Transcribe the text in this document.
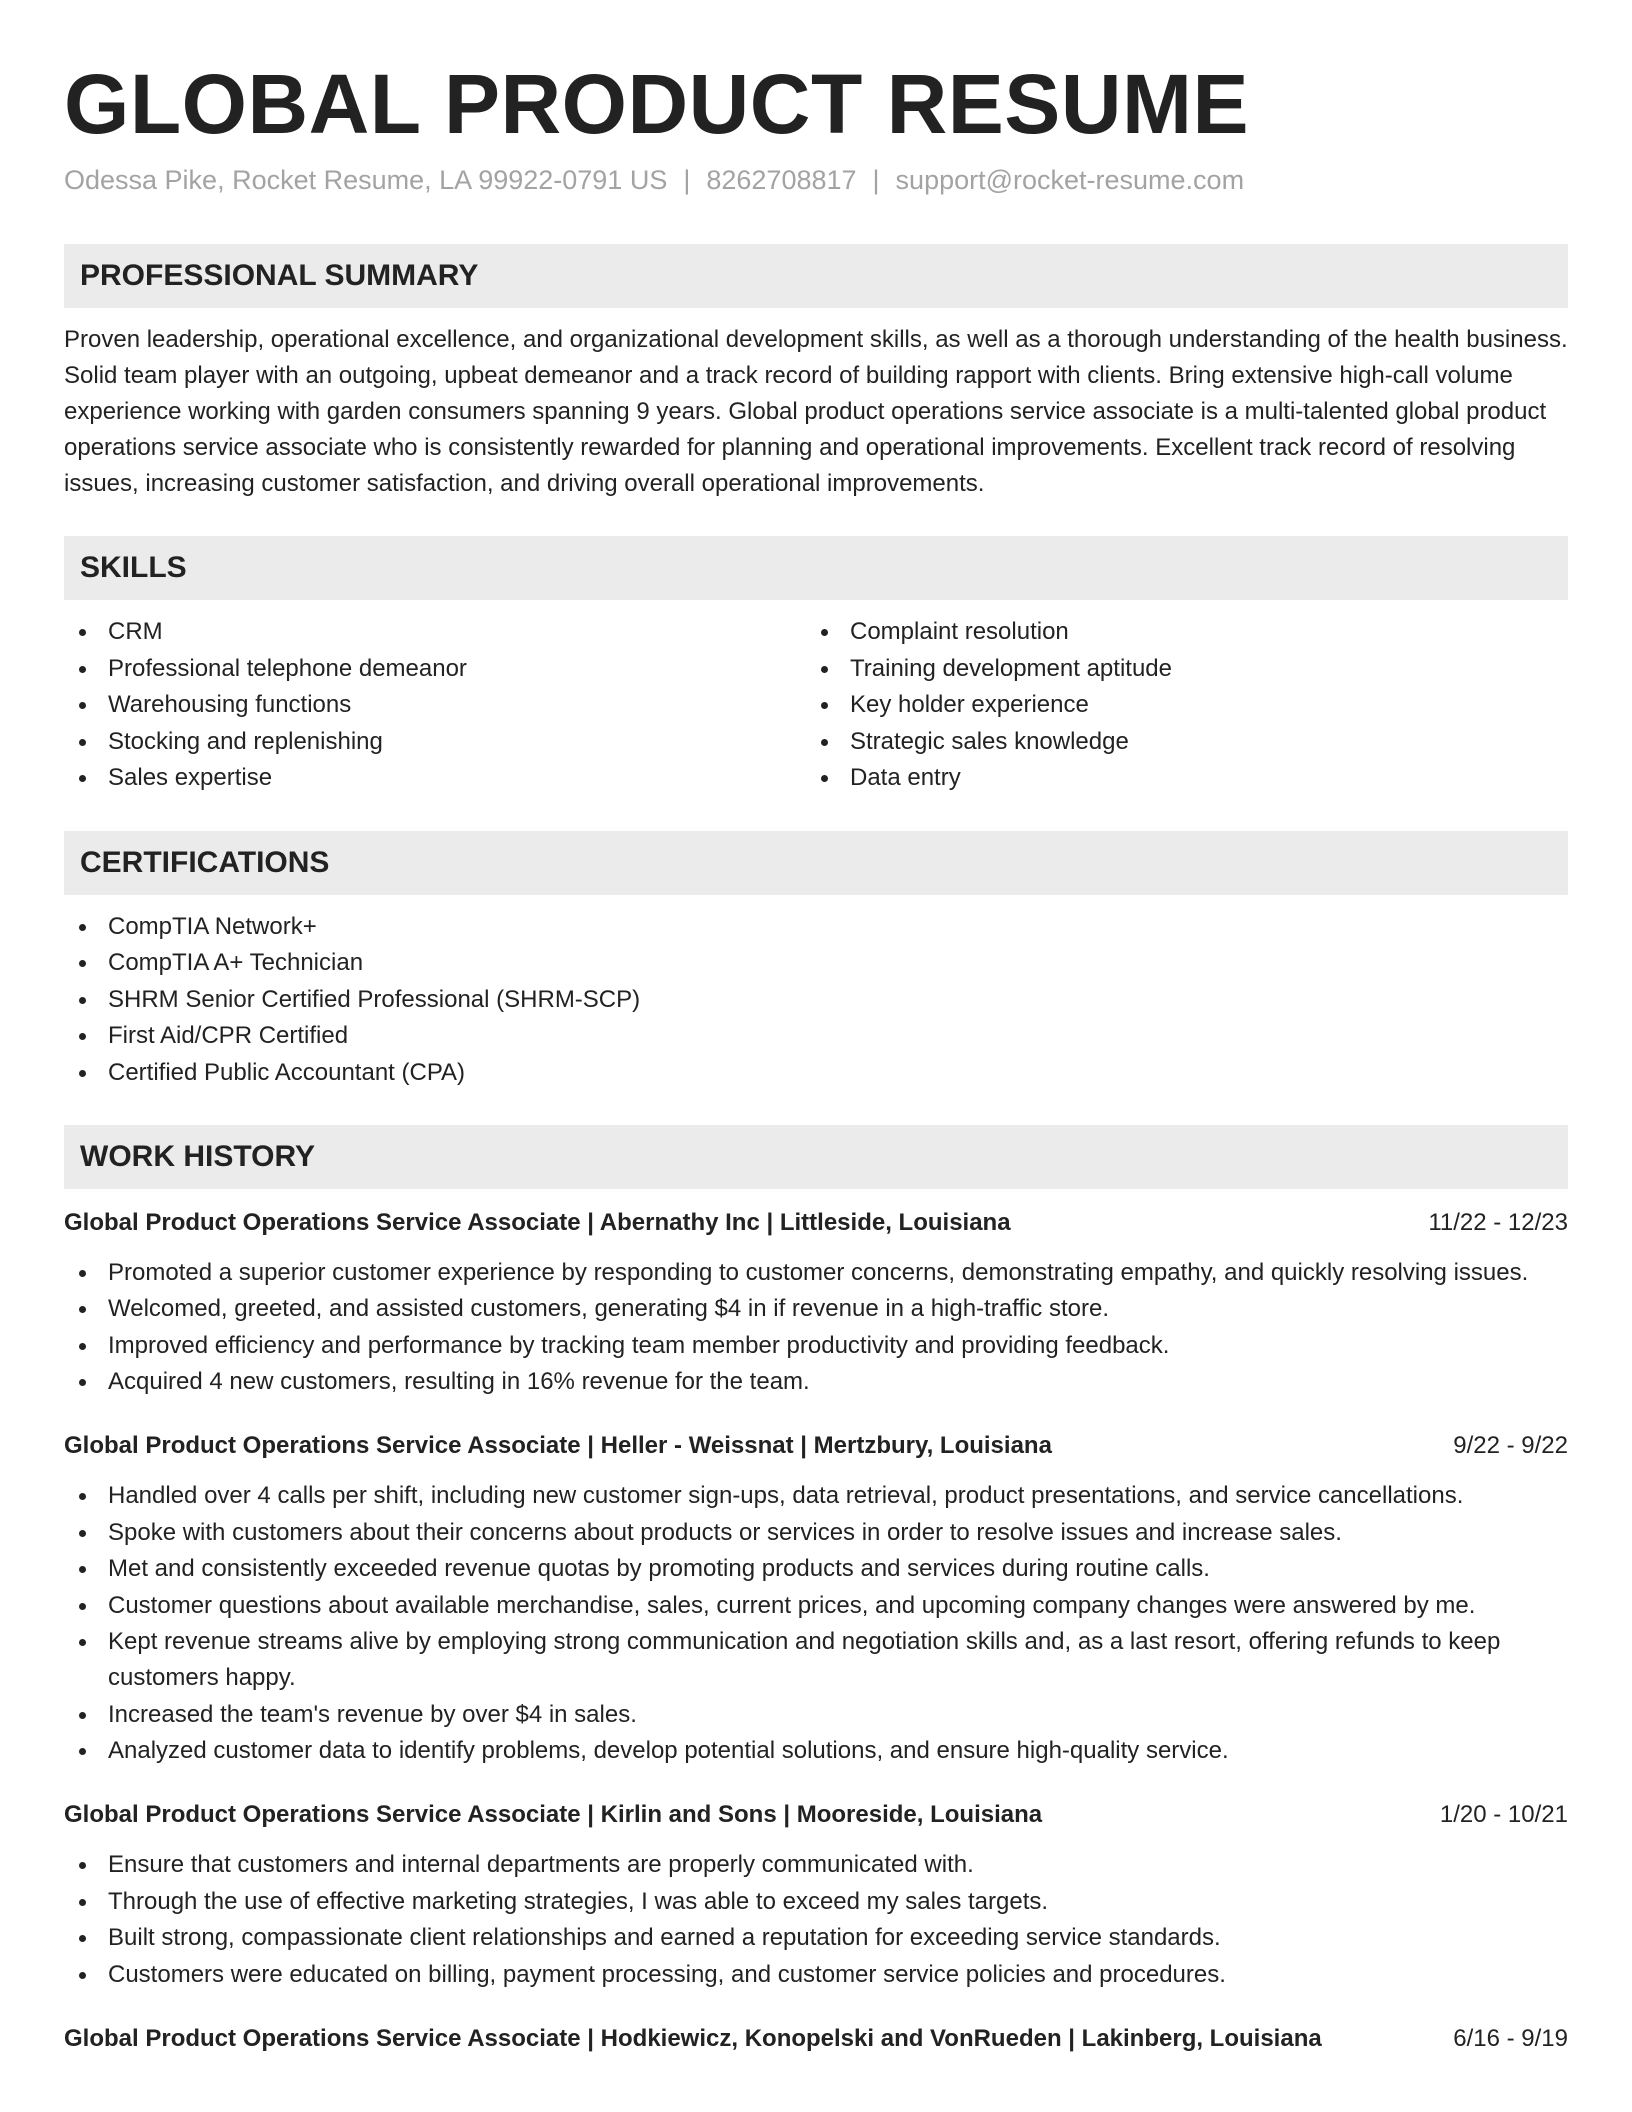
GLOBAL PRODUCT RESUME
Odessa Pike, Rocket Resume, LA 99922-0791 US | 8262708817 | support@rocket-resume.com
PROFESSIONAL SUMMARY
Proven leadership, operational excellence, and organizational development skills, as well as a thorough understanding of the health business. Solid team player with an outgoing, upbeat demeanor and a track record of building rapport with clients. Bring extensive high-call volume experience working with garden consumers spanning 9 years. Global product operations service associate is a multi-talented global product operations service associate who is consistently rewarded for planning and operational improvements. Excellent track record of resolving issues, increasing customer satisfaction, and driving overall operational improvements.
SKILLS
CRM
Professional telephone demeanor
Warehousing functions
Stocking and replenishing
Sales expertise
Complaint resolution
Training development aptitude
Key holder experience
Strategic sales knowledge
Data entry
CERTIFICATIONS
CompTIA Network+
CompTIA A+ Technician
SHRM Senior Certified Professional (SHRM-SCP)
First Aid/CPR Certified
Certified Public Accountant (CPA)
WORK HISTORY
Global Product Operations Service Associate | Abernathy Inc | Littleside, Louisiana	11/22 - 12/23
Promoted a superior customer experience by responding to customer concerns, demonstrating empathy, and quickly resolving issues.
Welcomed, greeted, and assisted customers, generating $4 in if revenue in a high-traffic store.
Improved efficiency and performance by tracking team member productivity and providing feedback.
Acquired 4 new customers, resulting in 16% revenue for the team.
Global Product Operations Service Associate | Heller - Weissnat | Mertzbury, Louisiana	9/22 - 9/22
Handled over 4 calls per shift, including new customer sign-ups, data retrieval, product presentations, and service cancellations.
Spoke with customers about their concerns about products or services in order to resolve issues and increase sales.
Met and consistently exceeded revenue quotas by promoting products and services during routine calls.
Customer questions about available merchandise, sales, current prices, and upcoming company changes were answered by me.
Kept revenue streams alive by employing strong communication and negotiation skills and, as a last resort, offering refunds to keep customers happy.
Increased the team's revenue by over $4 in sales.
Analyzed customer data to identify problems, develop potential solutions, and ensure high-quality service.
Global Product Operations Service Associate | Kirlin and Sons | Mooreside, Louisiana	1/20 - 10/21
Ensure that customers and internal departments are properly communicated with.
Through the use of effective marketing strategies, I was able to exceed my sales targets.
Built strong, compassionate client relationships and earned a reputation for exceeding service standards.
Customers were educated on billing, payment processing, and customer service policies and procedures.
Global Product Operations Service Associate | Hodkiewicz, Konopelski and VonRueden | Lakinberg, Louisiana	6/16 - 9/19
